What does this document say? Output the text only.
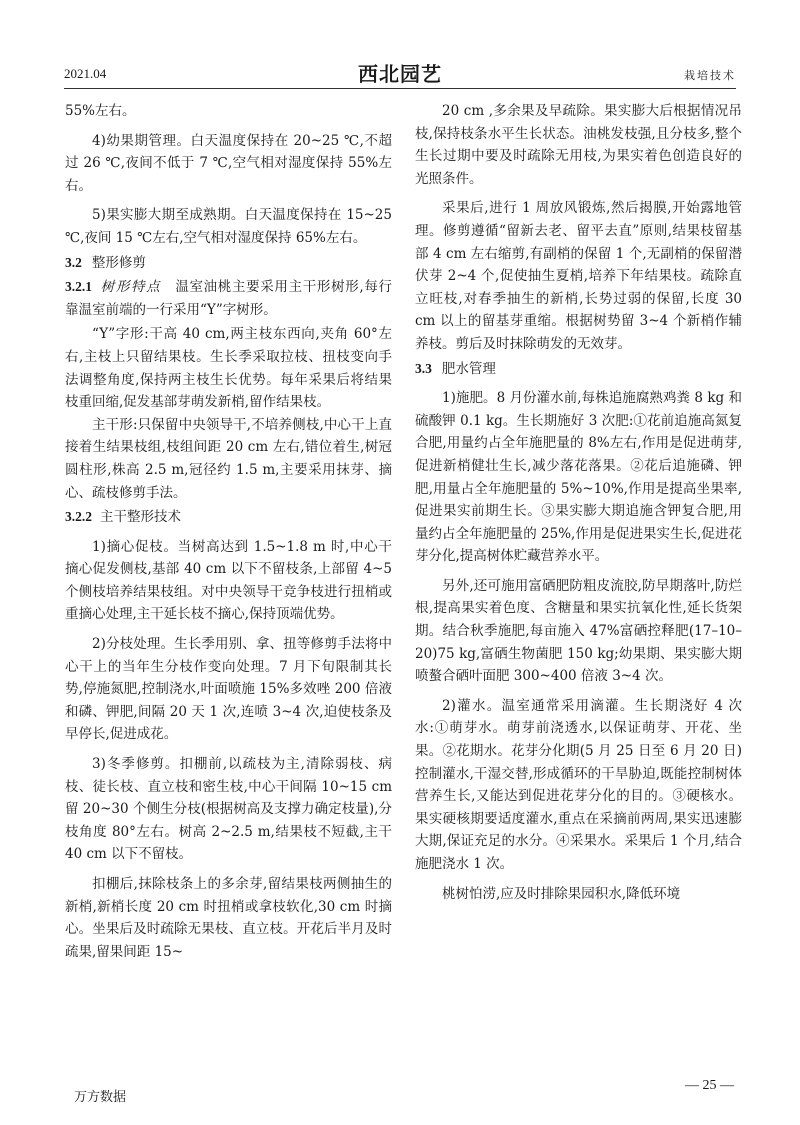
2021.04	西北园艺	栽培技术

55%左右。

4)幼果期管理。白天温度保持在 20~25 ℃,不超过 26 ℃,夜间不低于 7 ℃,空气相对湿度保持 55%左右。

5)果实膨大期至成熟期。白天温度保持在 15~25 ℃,夜间 15 ℃左右,空气相对湿度保持 65%左右。

3.2 整形修剪
3.2.1 树形特点 温室油桃主要采用主干形树形,每行靠温室前端的一行采用“Y”字树形。

“Y”字形:干高 40 cm,两主枝东西向,夹角 60°左右,主枝上只留结果枝。生长季采取拉枝、扭枝变向手法调整角度,保持两主枝生长优势。每年采果后将结果枝重回缩,促发基部芽萌发新梢,留作结果枝。

主干形:只保留中央领导干,不培养侧枝,中心干上直接着生结果枝组,枝组间距 20 cm 左右,错位着生,树冠圆柱形,株高 2.5 m,冠径约 1.5 m,主要采用抹芽、摘心、疏枝修剪手法。

3.2.2 主干整形技术

1)摘心促枝。当树高达到 1.5~1.8 m 时,中心干摘心促发侧枝,基部 40 cm 以下不留枝条,上部留 4~5 个侧枝培养结果枝组。对中央领导干竞争枝进行扭梢或重摘心处理,主干延长枝不摘心,保持顶端优势。

2)分枝处理。生长季用别、拿、扭等修剪手法将中心干上的当年生分枝作变向处理。7 月下旬限制其长势,停施氮肥,控制浇水,叶面喷施 15%多效唑 200 倍液和磷、钾肥,间隔 20 天 1 次,连喷 3~4 次,迫使枝条及早停长,促进成花。

3)冬季修剪。扣棚前,以疏枝为主,清除弱枝、病枝、徒长枝、直立枝和密生枝,中心干间隔 10~15 cm 留 20~30 个侧生分枝(根据树高及支撑力确定枝量),分枝角度 80°左右。树高 2~2.5 m,结果枝不短截,主干 40 cm 以下不留枝。

扣棚后,抹除枝条上的多余芽,留结果枝两侧抽生的新梢,新梢长度 20 cm 时扭梢或拿枝软化,30 cm 时摘心。坐果后及时疏除无果枝、直立枝。开花后半月及时疏果,留果间距 15~

20 cm ,多余果及早疏除。果实膨大后根据情况吊枝,保持枝条水平生长状态。油桃发枝强,且分枝多,整个生长过期中要及时疏除无用枝,为果实着色创造良好的光照条件。

采果后,进行 1 周放风锻炼,然后揭膜,开始露地管理。修剪遵循“留新去老、留平去直”原则,结果枝留基部 4 cm 左右缩剪,有副梢的保留 1 个,无副梢的保留潜伏芽 2~4 个,促使抽生夏梢,培养下年结果枝。疏除直立旺枝,对春季抽生的新梢,长势过弱的保留,长度 30 cm 以上的留基芽重缩。根据树势留 3~4 个新梢作辅养枝。剪后及时抹除萌发的无效芽。

3.3 肥水管理

1)施肥。8 月份灌水前,每株追施腐熟鸡粪 8 kg 和硫酸钾 0.1 kg。生长期施好 3 次肥:①花前追施高氮复合肥,用量约占全年施肥量的 8%左右,作用是促进萌芽,促进新梢健壮生长,减少落花落果。②花后追施磷、钾肥,用量占全年施肥量的 5%~10%,作用是提高坐果率,促进果实前期生长。③果实膨大期追施含钾复合肥,用量约占全年施肥量的 25%,作用是促进果实生长,促进花芽分化,提高树体贮藏营养水平。

另外,还可施用富硒肥防粗皮流胶,防早期落叶,防烂根,提高果实着色度、含糖量和果实抗氧化性,延长货架期。结合秋季施肥,每亩施入 47%富硒控释肥(17–10–20)75 kg,富硒生物菌肥 150 kg;幼果期、果实膨大期喷螯合硒叶面肥 300~400 倍液 3~4 次。

2)灌水。温室通常采用滴灌。生长期浇好 4 次水:①萌芽水。萌芽前浇透水,以保证萌芽、开花、坐果。②花期水。花芽分化期(5 月 25 日至 6 月 20 日)控制灌水,干湿交替,形成循环的干旱胁迫,既能控制树体营养生长,又能达到促进花芽分化的目的。③硬核水。果实硬核期要适度灌水,重点在采摘前两周,果实迅速膨大期,保证充足的水分。④采果水。采果后 1 个月,结合施肥浇水 1 次。

桃树怕涝,应及时排除果园积水,降低环境

万方数据
— 25 —
